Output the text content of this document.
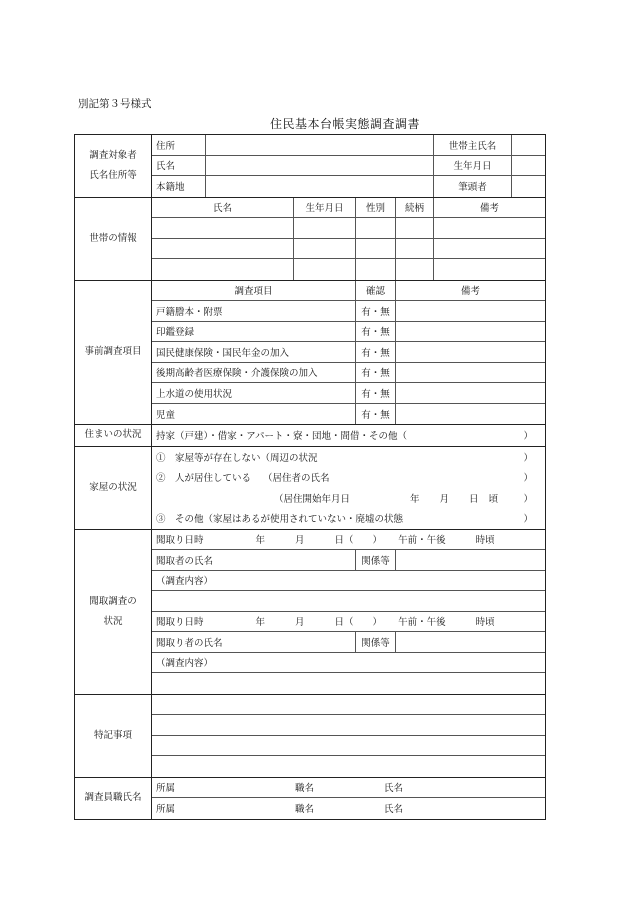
別記第３号様式
住民基本台帳実態調査調書
調査対象者
氏名住所等
住所	世帯主氏名
氏名	生年月日
本籍地	筆頭者
世帯の情報
氏名	生年月日	性別	続柄	備考
事前調査項目
調査項目	確認	備考
戸籍謄本・附票	有・無
印鑑登録	有・無
国民健康保険・国民年金の加入	有・無
後期高齢者医療保険・介護保険の加入	有・無
上水道の使用状況	有・無
児童	有・無
住まいの状況	持家（戸建）・借家・アパート・寮・団地・間借・その他（	）
家屋の状況
①　家屋等が存在しない（周辺の状況	）
②　人が居住している （居住者の氏名	）
（居住開始年月日	年 月 日 頃	）
③　その他（家屋はあるが使用されていない・廃墟の状態	）
聞取調査の
状況
聞取り日時	年	月	日（　　） 午前・午後	時頃
聞取者の氏名	関係等
（調査内容）
聞取り日時	年	月	日（　　） 午前・午後	時頃
聞取り者の氏名	関係等
（調査内容）
特記事項
調査員職氏名
所属	職名	氏名
所属	職名	氏名
